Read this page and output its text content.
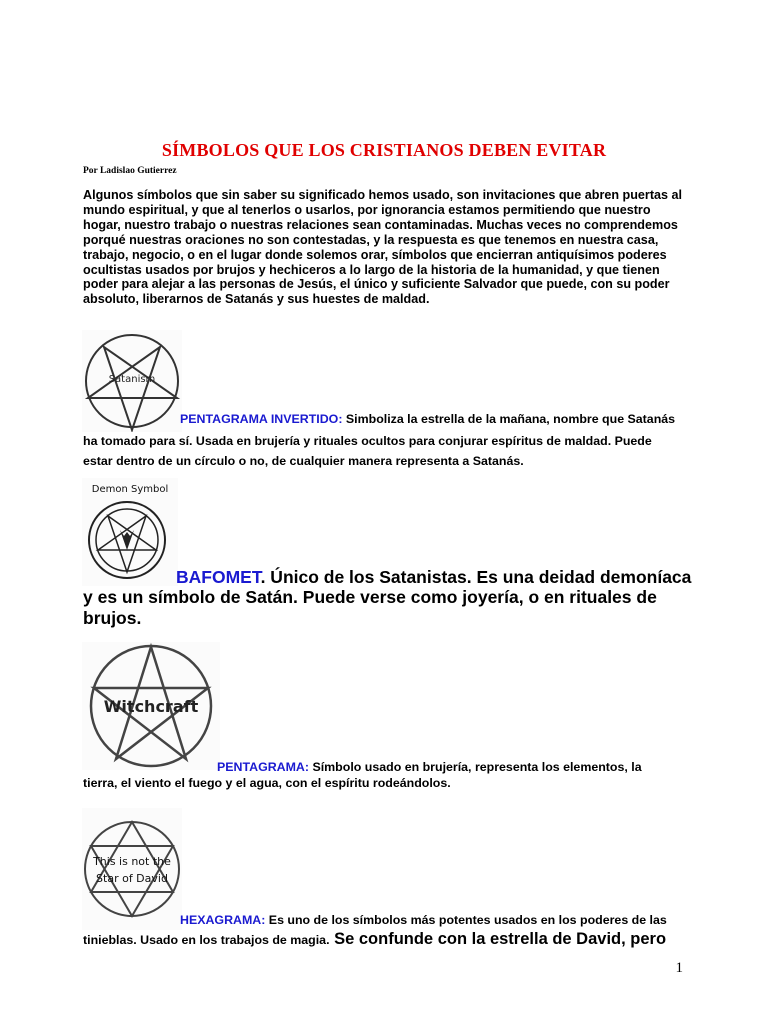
SÍMBOLOS QUE LOS CRISTIANOS DEBEN EVITAR
Por Ladislao Gutierrez
Algunos símbolos que sin saber su significado hemos usado, son invitaciones que abren puertas al
mundo espiritual, y que al tenerlos o usarlos, por ignorancia estamos permitiendo que nuestro
hogar, nuestro trabajo o nuestras relaciones sean contaminadas. Muchas veces no comprendemos
porqué nuestras oraciones no son contestadas, y la respuesta es que tenemos en nuestra casa,
trabajo, negocio, o en el lugar donde solemos orar, símbolos que encierran antiquísimos poderes
ocultistas usados por brujos y hechiceros a lo largo de la historia de la humanidad, y que tienen
poder para alejar a las personas de Jesús, el único y suficiente Salvador que puede, con su poder
absoluto, liberarnos de Satanás y sus huestes de maldad.
Satanism
PENTAGRAMA INVERTIDO: Simboliza la estrella de la mañana, nombre que Satanás
ha tomado para sí. Usada en brujería y rituales ocultos para conjurar espíritus de maldad. Puede
estar dentro de un círculo o no, de cualquier manera representa a Satanás.
Demon Symbol
BAFOMET. Único de los Satanistas. Es una deidad demoníaca
y es un símbolo de Satán. Puede verse como joyería, o en rituales de
brujos.
Witchcraft
PENTAGRAMA: Símbolo usado en brujería, representa los elementos, la
tierra, el viento el fuego y el agua, con el espíritu rodeándolos.
This is not the
Star of David
HEXAGRAMA: Es uno de los símbolos más potentes usados en los poderes de las
tinieblas. Usado en los trabajos de magia. Se confunde con la estrella de David, pero
1
